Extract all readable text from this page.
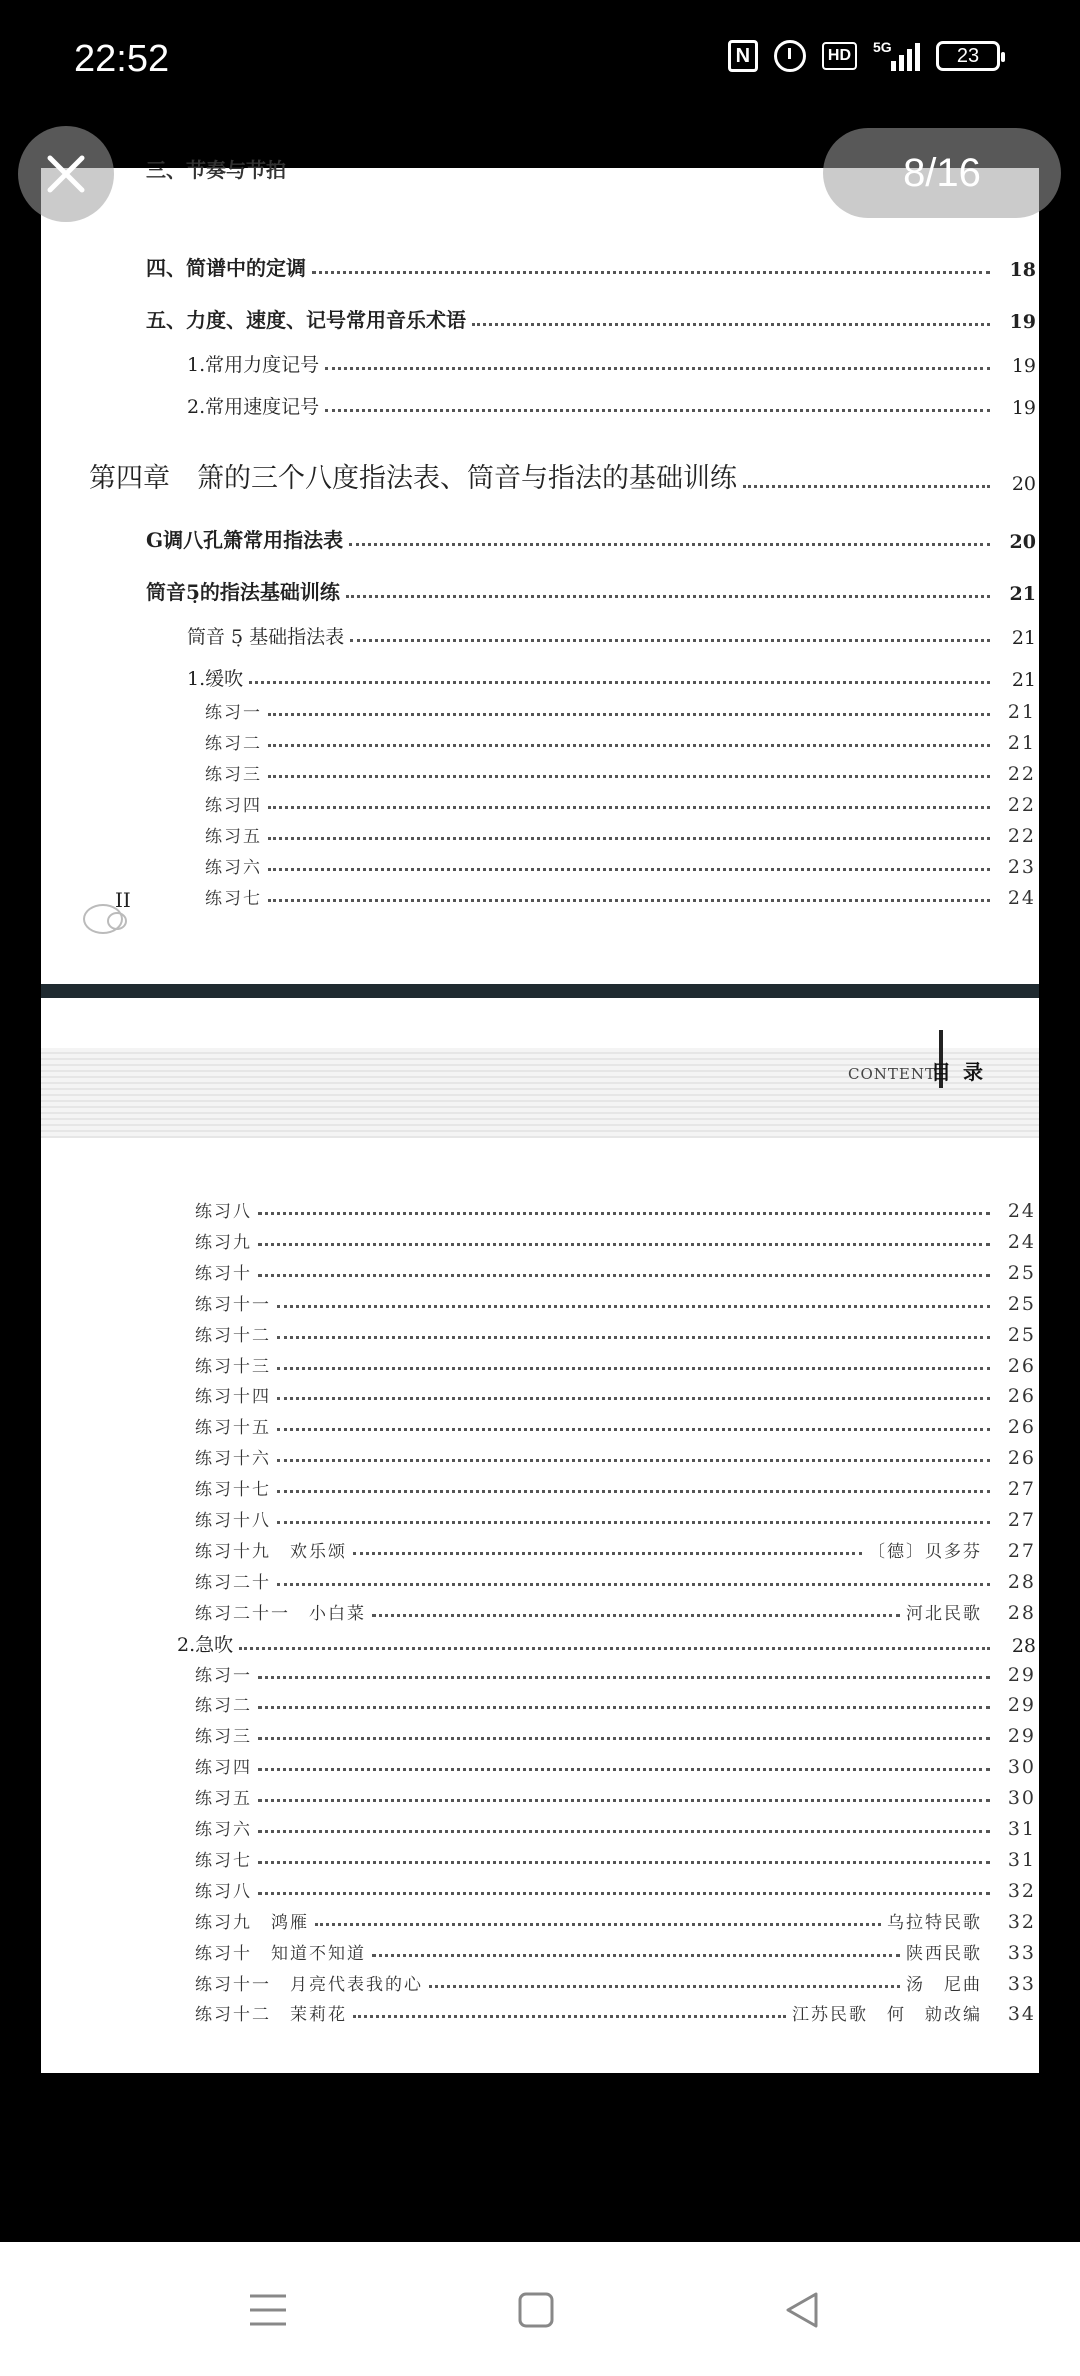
22:52	N	HD	5G	23
三、节奏与节拍
四、简谱中的定调	18
五、力度、速度、记号常用音乐术语	19
1.常用力度记号	19
2.常用速度记号	19
第四章　箫的三个八度指法表、筒音与指法的基础训练	20
G调八孔箫常用指法表	20
筒音5̣的指法基础训练	21
筒音 5̣ 基础指法表	21
1.缓吹	21
练习一	21
练习二	21
练习三	22
练习四	22
练习五	22
练习六	23
练习七	24
II
CONTENT
目录
练习八	24
练习九	24
练习十	25
练习十一	25
练习十二	25
练习十三	26
练习十四	26
练习十五	26
练习十六	26
练习十七	27
练习十八	27
练习十九　欢乐颂	〔德〕贝多芬	27
练习二十	28
练习二十一　小白菜	河北民歌	28
2.急吹	28
练习一	29
练习二	29
练习三	29
练习四	30
练习五	30
练习六	31
练习七	31
练习八	32
练习九　鸿雁	乌拉特民歌	32
练习十　知道不知道	陕西民歌	33
练习十一　月亮代表我的心	汤　尼曲	33
练习十二　茉莉花	江苏民歌　何　勍改编	34
8/16
